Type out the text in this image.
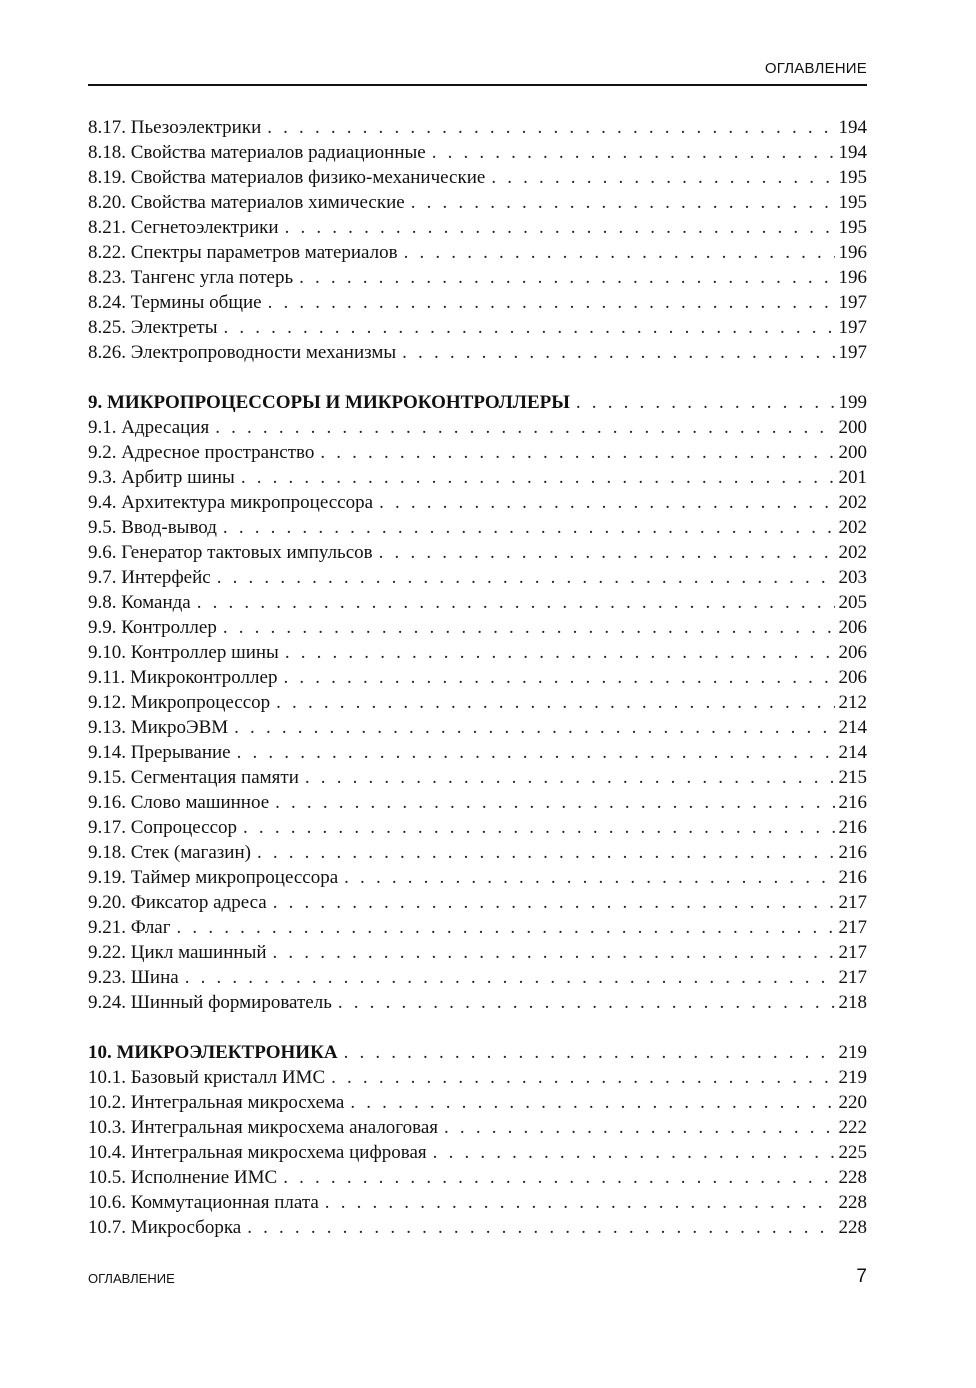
ОГЛАВЛЕНИЕ
8.17. Пьезоэлектрики . . .	194
8.18. Свойства материалов радиационные . . .	194
8.19. Свойства материалов физико-механические . . .	195
8.20. Свойства материалов химические . . .	195
8.21. Сегнетоэлектрики . . .	195
8.22. Спектры параметров материалов . . .	196
8.23. Тангенс угла потерь . . .	196
8.24. Термины общие . . .	197
8.25. Электреты . . .	197
8.26. Электропроводности механизмы . . .	197
9. МИКРОПРОЦЕССОРЫ И МИКРОКОНТРОЛЛЕРЫ . . .	199
9.1. Адресация . . .	200
9.2. Адресное пространство . . .	200
9.3. Арбитр шины . . .	201
9.4. Архитектура микропроцессора . . .	202
9.5. Ввод-вывод . . .	202
9.6. Генератор тактовых импульсов . . .	202
9.7. Интерфейс . . .	203
9.8. Команда . . .	205
9.9. Контроллер . . .	206
9.10. Контроллер шины . . .	206
9.11. Микроконтроллер . . .	206
9.12. Микропроцессор . . .	212
9.13. МикроЭВМ . . .	214
9.14. Прерывание . . .	214
9.15. Сегментация памяти . . .	215
9.16. Слово машинное . . .	216
9.17. Сопроцессор . . .	216
9.18. Стек (магазин) . . .	216
9.19. Таймер микропроцессора . . .	216
9.20. Фиксатор адреса . . .	217
9.21. Флаг . . .	217
9.22. Цикл машинный . . .	217
9.23. Шина . . .	217
9.24. Шинный формирователь . . .	218
10. МИКРОЭЛЕКТРОНИКА . . .	219
10.1. Базовый кристалл ИМС . . .	219
10.2. Интегральная микросхема . . .	220
10.3. Интегральная микросхема аналоговая . . .	222
10.4. Интегральная микросхема цифровая . . .	225
10.5. Исполнение ИМС . . .	228
10.6. Коммутационная плата . . .	228
10.7. Микросборка . . .	228
ОГЛАВЛЕНИЕ	7
